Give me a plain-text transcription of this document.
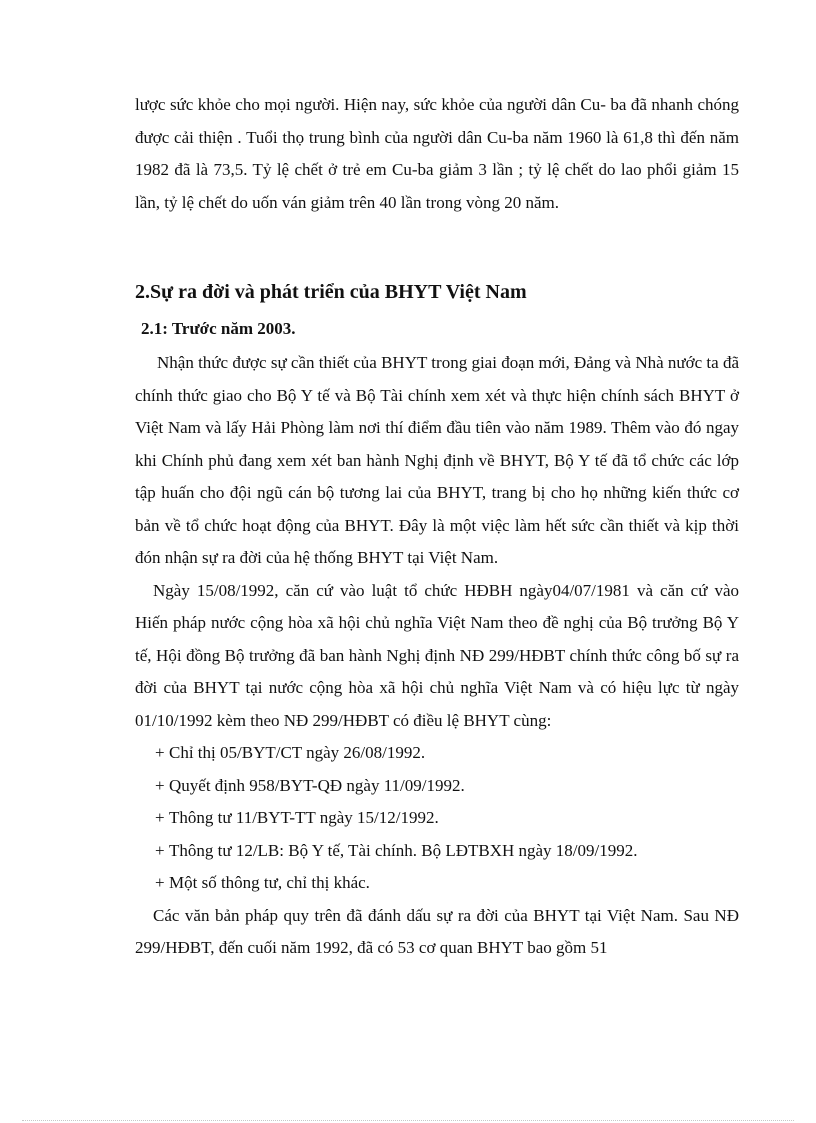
lược sức khỏe cho mọi người. Hiện nay, sức khỏe của người dân Cu- ba đã nhanh chóng được cải thiện . Tuổi thọ trung bình của người dân Cu-ba năm 1960 là 61,8 thì đến năm 1982 đã là 73,5. Tỷ lệ chết ở trẻ em Cu-ba giảm 3 lần ; tỷ lệ chết do lao phổi giảm 15 lần, tỷ lệ chết do uốn ván giảm trên 40 lần trong vòng 20 năm.

2.Sự ra đời và phát triển của BHYT Việt Nam
2.1: Trước năm 2003.

Nhận thức được sự cần thiết của BHYT trong giai đoạn mới, Đảng và Nhà nước ta đã chính thức giao cho Bộ Y tế và Bộ Tài chính xem xét và thực hiện chính sách BHYT ở Việt Nam và lấy Hải Phòng làm nơi thí điểm đầu tiên vào năm 1989. Thêm vào đó ngay khi Chính phủ đang xem xét ban hành Nghị định về BHYT, Bộ Y tế đã tổ chức các lớp tập huấn cho đội ngũ cán bộ tương lai của BHYT, trang bị cho họ những kiến thức cơ bản về tổ chức hoạt động của BHYT. Đây là một việc làm hết sức cần thiết và kịp thời đón nhận sự ra đời của hệ thống BHYT tại Việt Nam.

Ngày 15/08/1992, căn cứ vào luật tổ chức HĐBH ngày04/07/1981 và căn cứ vào Hiến pháp nước cộng hòa xã hội chủ nghĩa Việt Nam theo đề nghị của Bộ trưởng Bộ Y tế, Hội đồng Bộ trưởng đã ban hành Nghị định NĐ 299/HĐBT chính thức công bố sự ra đời của BHYT tại nước cộng hòa xã hội chủ nghĩa Việt Nam và có hiệu lực từ ngày 01/10/1992 kèm theo NĐ 299/HĐBT có điều lệ BHYT cùng:

+ Chỉ thị 05/BYT/CT ngày 26/08/1992.

+ Quyết định 958/BYT-QĐ ngày 11/09/1992.

+ Thông tư 11/BYT-TT ngày 15/12/1992.

+ Thông tư 12/LB: Bộ Y tế, Tài chính. Bộ LĐTBXH ngày 18/09/1992.

+ Một số thông tư, chỉ thị khác.

Các văn bản pháp quy trên đã đánh dấu sự ra đời của BHYT tại Việt Nam. Sau NĐ 299/HĐBT, đến cuối năm 1992, đã có 53 cơ quan BHYT bao gồm 51
